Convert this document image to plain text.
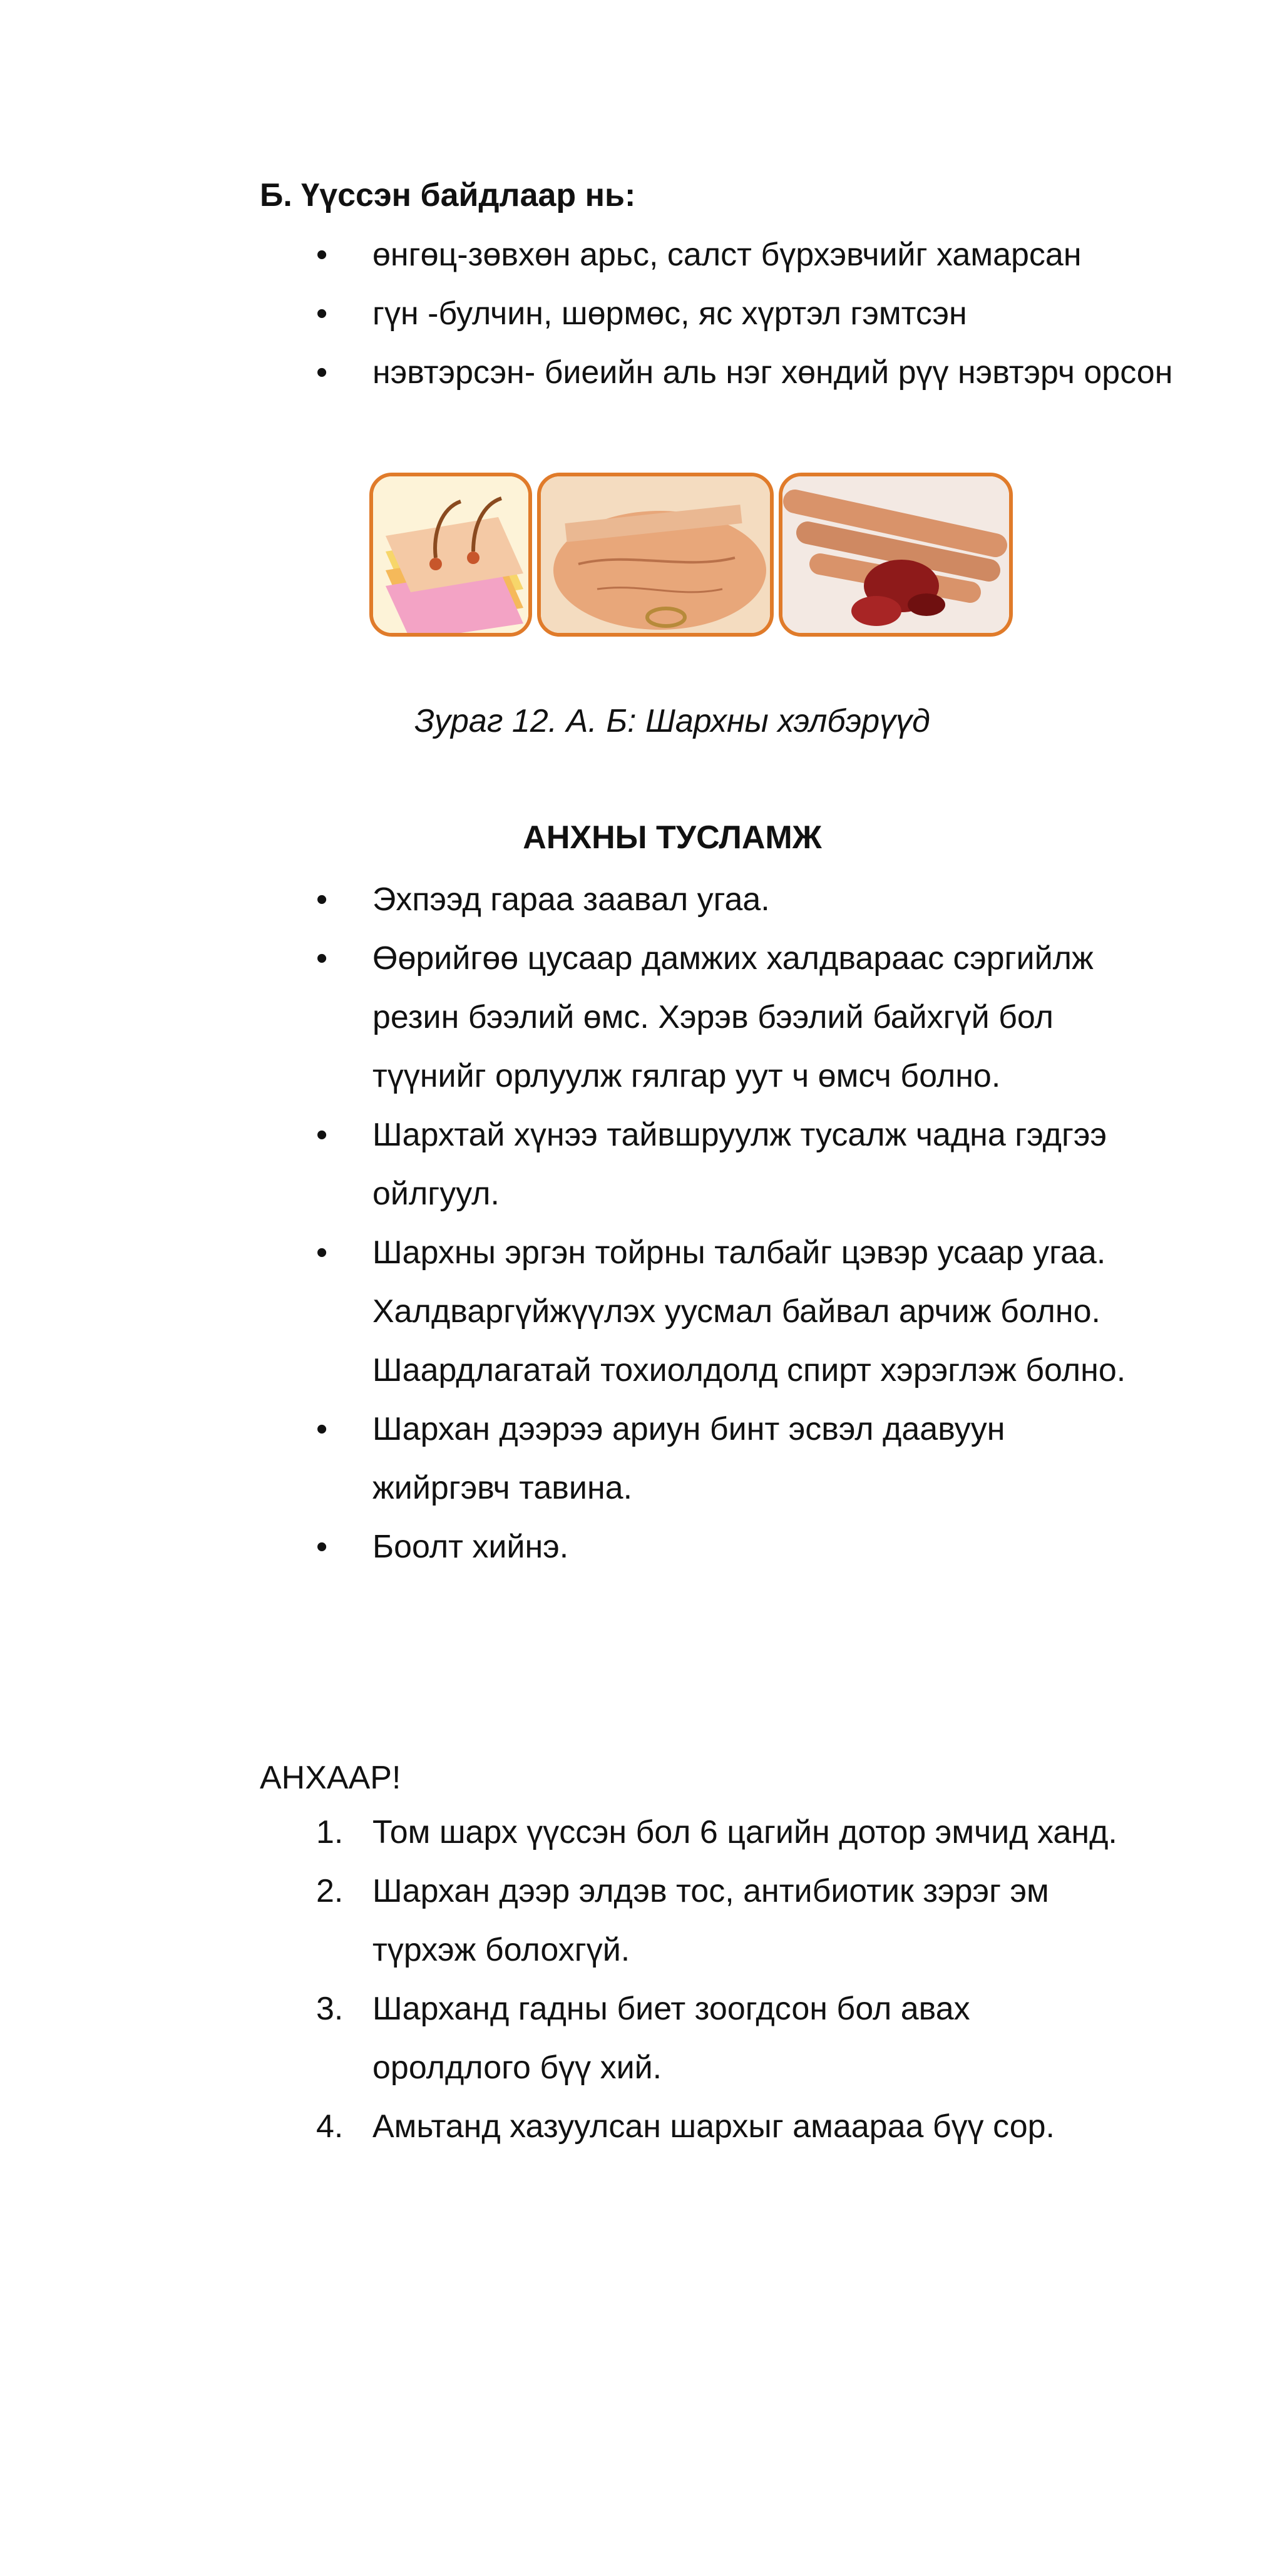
Б. Үүссэн байдлаар нь:
• өнгөц-зөвхөн арьс, салст бүрхэвчийг хамарсан
• гүн -булчин, шөрмөс, яс хүртэл гэмтсэн
• нэвтэрсэн- биеийн аль нэг хөндий рүү нэвтэрч орсон
Зураг 12. А. Б: Шархны хэлбэрүүд
АНХНЫ ТУСЛАМЖ
• Эхпээд гараа заавал угаа.
• Өөрийгөө цусаар дамжих халдвараас сэргийлж резин бээлий өмс. Хэрэв бээлий байхгүй бол түүнийг орлуулж гялгар уут ч өмсч болно.
• Шархтай хүнээ тайвшруулж тусалж чадна гэдгээ ойлгуул.
• Шархны эргэн тойрны талбайг цэвэр усаар угаа. Халдваргүйжүүлэх уусмал байвал арчиж болно. Шаардлагатай тохиолдолд спирт хэрэглэж болно.
• Шархан дээрээ ариун бинт эсвэл даавуун жийргэвч тавина.
• Боолт хийнэ.
АНХААР!
1. Том шарх үүссэн бол 6 цагийн дотор эмчид ханд.
2. Шархан дээр элдэв тос, антибиотик зэрэг эм түрхэж болохгүй.
3. Шарханд гадны биет зоогдсон бол авах оролдлого бүү хий.
4. Амьтанд хазуулсан шархыг амаараа бүү сор.
